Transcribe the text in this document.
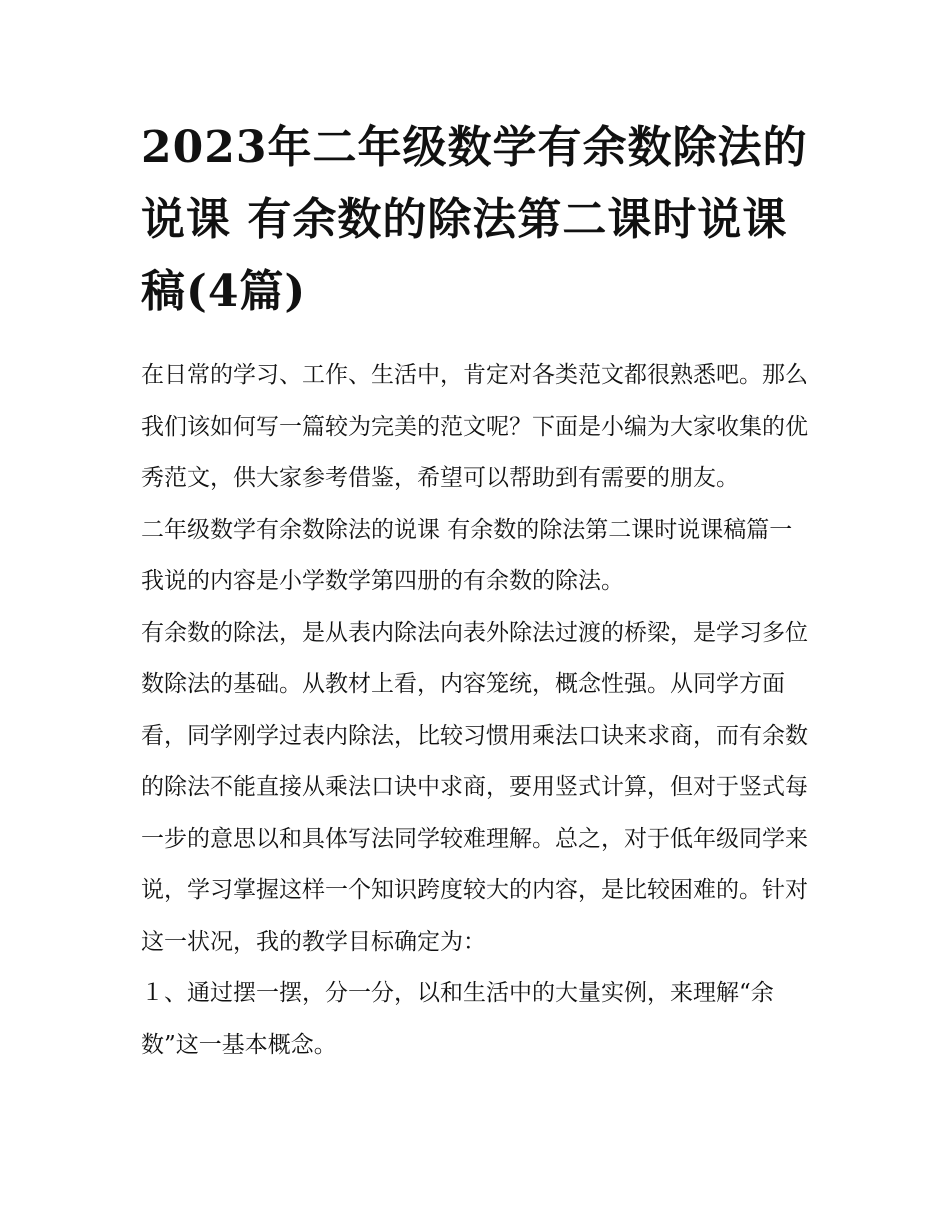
2023年二年级数学有余数除法的说课 有余数的除法第二课时说课稿(4篇)

在日常的学习、工作、生活中，肯定对各类范文都很熟悉吧。那么我们该如何写一篇较为完美的范文呢？下面是小编为大家收集的优秀范文，供大家参考借鉴，希望可以帮助到有需要的朋友。

二年级数学有余数除法的说课 有余数的除法第二课时说课稿篇一 我说的内容是小学数学第四册的有余数的除法。

有余数的除法，是从表内除法向表外除法过渡的桥梁，是学习多位数除法的基础。从教材上看，内容笼统，概念性强。从同学方面看，同学刚学过表内除法，比较习惯用乘法口诀来求商，而有余数的除法不能直接从乘法口诀中求商，要用竖式计算，但对于竖式每一步的意思以和具体写法同学较难理解。总之，对于低年级同学来说，学习掌握这样一个知识跨度较大的内容，是比较困难的。针对这一状况，我的教学目标确定为：

１、通过摆一摆，分一分，以和生活中的大量实例，来理解“余数”这一基本概念。
